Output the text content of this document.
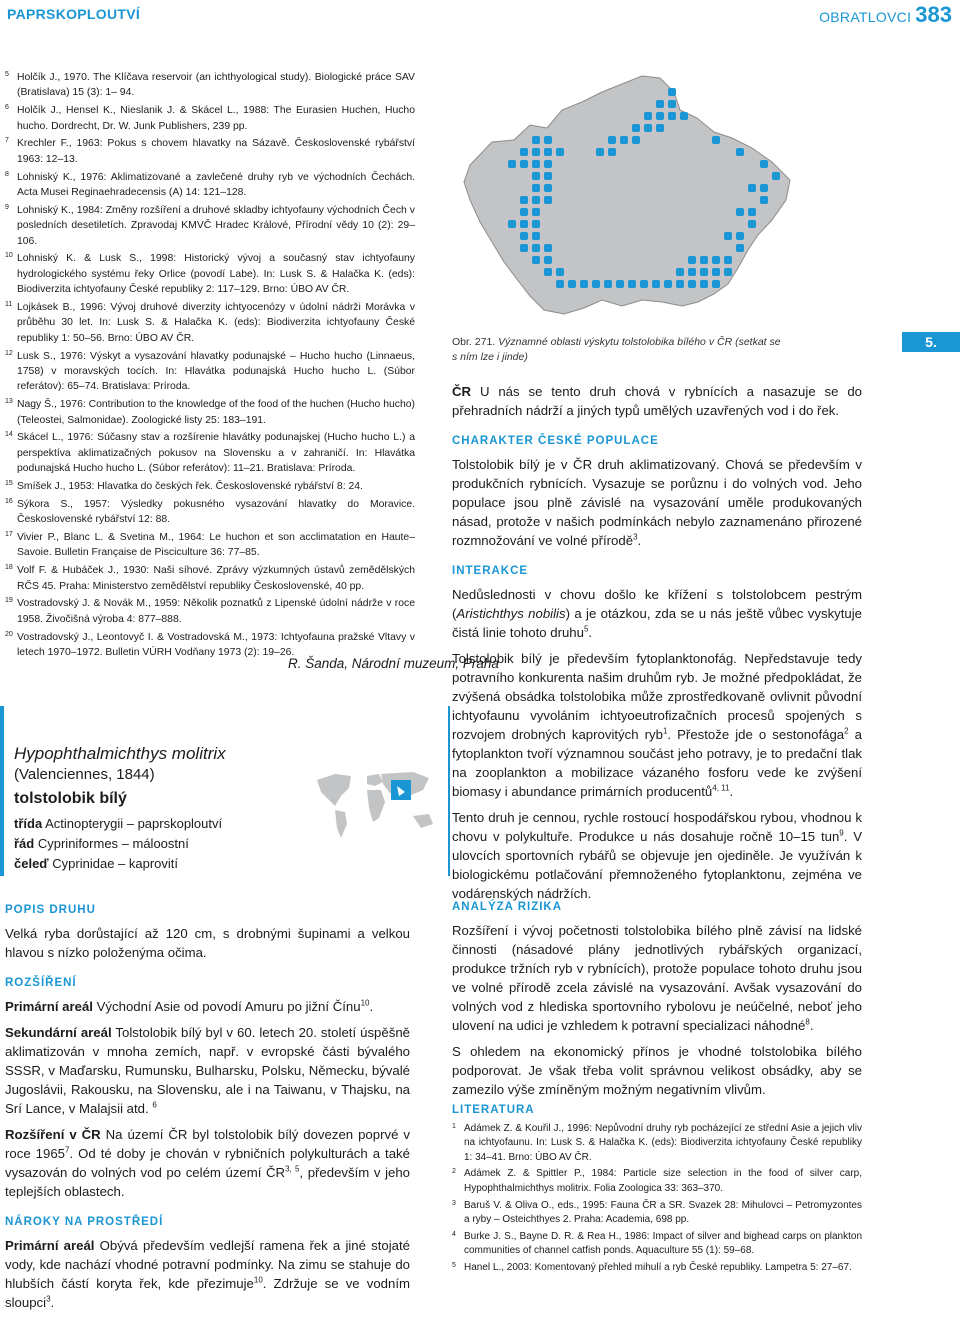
PAPRSKOPLOUTVÍ	OBRATLOVCI 383
5 Holčík J., 1970. The Klíčava reservoir (an ichthyological study). Biologické práce SAV (Bratislava) 15 (3): 1– 94.
6 Holčík J., Hensel K., Nieslanik J. & Skácel L., 1988: The Eurasien Huchen, Hucho hucho. Dordrecht, Dr. W. Junk Publishers, 239 pp.
7 Krechler F., 1963: Pokus s chovem hlavatky na Sázavě. Československé rybářství 1963: 12–13.
8 Lohniský K., 1976: Aklimatizované a zavlečené druhy ryb ve východních Čechách. Acta Musei Reginaehradecensis (A) 14: 121–128.
9 Lohniský K., 1984: Změny rozšíření a druhové skladby ichtyofauny východních Čech v posledních desetiletích. Zpravodaj KMVČ Hradec Králové, Přírodní vědy 10 (2): 29–106.
10 Lohniský K. & Lusk S., 1998: Historický vývoj a současný stav ichtyofauny hydrologického systému řeky Orlice (povodí Labe). In: Lusk S. & Halačka K. (eds): Biodiverzita ichtyofauny České republiky 2: 117–129. Brno: ÚBO AV ČR.
11 Lojkásek B., 1996: Vývoj druhové diverzity ichtyocenózy v údolní nádrži Morávka v průběhu 30 let. In: Lusk S. & Halačka K. (eds): Biodiverzita ichtyofauny České republiky 1: 50–56. Brno: ÚBO AV ČR.
12 Lusk S., 1976: Výskyt a vysazování hlavatky podunajské – Hucho hucho (Linnaeus, 1758) v moravských tocích. In: Hlavátka podunajská Hucho hucho L. (Súbor referátov): 65–74. Bratislava: Príroda.
13 Nagy Š., 1976: Contribution to the knowledge of the food of the huchen (Hucho hucho) (Teleostei, Salmonidae). Zoologické listy 25: 183–191.
14 Skácel L., 1976: Súčasny stav a rozšírenie hlavátky podunajskej (Hucho hucho L.) a perspektíva aklimatizačných pokusov na Slovensku a v zahraničí. In: Hlavátka podunajská Hucho hucho L. (Súbor referátov): 11–21. Bratislava: Príroda.
15 Smíšek J., 1953: Hlavatka do českých řek. Československé rybářství 8: 24.
16 Sýkora S., 1957: Výsledky pokusného vysazování hlavatky do Moravice. Československé rybářství 12: 88.
17 Vivier P., Blanc L. & Svetina M., 1964: Le huchon et son acclimatation en Haute–Savoie. Bulletin Française de Pisciculture 36: 77–85.
18 Volf F. & Hubáček J., 1930: Naši síhové. Zprávy výzkumných ústavů zemědělských RČS 45. Praha: Ministerstvo zemědělství republiky Československé, 40 pp.
19 Vostradovský J. & Novák M., 1959: Několik poznatků z Lipenské údolní nádrže v roce 1958. Živočišná výroba 4: 877–888.
20 Vostradovský J., Leontovyč I. & Vostradovská M., 1973: Ichtyofauna pražské Vltavy v letech 1970–1972. Bulletin VÚRH Vodňany 1973 (2): 19–26.
R. Šanda, Národní muzeum, Praha
Hypophthalmichthys molitrix
(Valenciennes, 1844)
tolstolobik bílý
třída Actinopterygii – paprskoploutví
řád Cypriniformes – máloostní
čeleď Cyprinidae – kaprovití
Obr. 271. Významné oblasti výskytu tolstolobika bílého v ČR (setkat se s ním lze i jinde)
5.

ČR U nás se tento druh chová v rybnících a nasazuje se do přehradních nádrží a jiných typů umělých uzavřených vod i do řek.

CHARAKTER ČESKÉ POPULACE

Tolstolobik bílý je v ČR druh aklimatizovaný. Chová se především v produkčních rybnících. Vysazuje se porůznu i do volných vod. Jeho populace jsou plně závislé na vysazování uměle produkovaných násad, protože v našich podmínkách nebylo zaznamenáno přirozené rozmnožování ve volné přírodě$^3$.

INTERAKCE

Nedůslednosti v chovu došlo ke křížení s tolstolobcem pestrým (Aristichthys nobilis) a je otázkou, zda se u nás ještě vůbec vyskytuje čistá linie tohoto druhu$^5$.

Tolstolobik bílý je především fytoplanktonofág. Nepředstavuje tedy potravního konkurenta našim druhům ryb. Je možné předpokládat, že zvýšená obsádka tolstolobika může zprostředkovaně ovlivnit původní ichtyofaunu vyvoláním ichtyoeutrofizačních procesů spojených s rozvojem drobných kaprovitých ryb$^1$. Přestože jde o sestonofága$^2$ a fytoplankton tvoří významnou součást jeho potravy, je to predační tlak na zooplankton a mobilizace vázaného fosforu vede ke zvýšení biomasy i abundance primárních producentů$^{4, 11}$.

Tento druh je cennou, rychle rostoucí hospodářskou rybou, vhodnou k chovu v polykultuře. Produkce u nás dosahuje ročně 10–15 tun$^9$. V ulovcích sportovních rybářů se objevuje jen ojediněle. Je využíván k biologickému potlačování přemnoženého fytoplanktonu, zejména ve vodárenských nádržích.

ANALÝZA RIZIKA

Rozšíření i vývoj početnosti tolstolobika bílého plně závisí na lidské činnosti (násadové plány jednotlivých rybářských organizací, produkce tržních ryb v rybnících), protože populace tohoto druhu jsou ve volné přírodě zcela závislé na vysazování. Avšak vysazování do volných vod z hlediska sportovního rybolovu je neúčelné, neboť jeho ulovení na udici je vzhledem k potravní specializaci náhodné$^8$.

S ohledem na ekonomický přínos je vhodné tolstolobika bílého podporovat. Je však třeba volit správnou velikost obsádky, aby se zamezilo výše zmíněným možným negativním vlivům.

POPIS DRUHU

Velká ryba dorůstající až 120 cm, s drobnými šupinami a velkou hlavou s nízko položenýma očima.

ROZŠÍŘENÍ

Primární areál Východní Asie od povodí Amuru po jižní Čínu$^{10}$.

Sekundární areál Tolstolobik bílý byl v 60. letech 20. století úspěšně aklimatizován v mnoha zemích, např. v evropské části bývalého SSSR, v Maďarsku, Rumunsku, Bulharsku, Polsku, Německu, bývalé Jugoslávii, Rakousku, na Slovensku, ale i na Taiwanu, v Thajsku, na Srí Lance, v Malajsii atd. $^6$

Rozšíření v ČR Na území ČR byl tolstolobik bílý dovezen poprvé v roce 1965$^7$. Od té doby je chován v rybničních polykulturách a také vysazován do volných vod po celém území ČR$^{3, 5}$, především v jeho teplejších oblastech.

NÁROKY NA PROSTŘEDÍ

Primární areál Obývá především vedlejší ramena řek a jiné stojaté vody, kde nachází vhodné potravní podmínky. Na zimu se stahuje do hlubších částí koryta řek, kde přezimuje$^{10}$. Zdržuje se ve vodním sloupci$^3$.

LITERATURA
1 Adámek Z. & Kouřil J., 1996: Nepůvodní druhy ryb pocházející ze střední Asie a jejich vliv na ichtyofaunu. In: Lusk S. & Halačka K. (eds): Biodiverzita ichtyofauny České republiky 1: 34–41. Brno: ÚBO AV ČR.
2 Adámek Z. & Spittler P., 1984: Particle size selection in the food of silver carp, Hypophthalmichthys molitrix. Folia Zoologica 33: 363–370.
3 Baruš V. & Oliva O., eds., 1995: Fauna ČR a SR. Svazek 28: Mihulovci – Petromyzontes a ryby – Osteichthyes 2. Praha: Academia, 698 pp.
4 Burke J. S., Bayne D. R. & Rea H., 1986: Impact of silver and bighead carps on plankton communities of channel catfish ponds. Aquaculture 55 (1): 59–68.
5 Hanel L., 2003: Komentovaný přehled mihulí a ryb České republiky. Lampetra 5: 27–67.
